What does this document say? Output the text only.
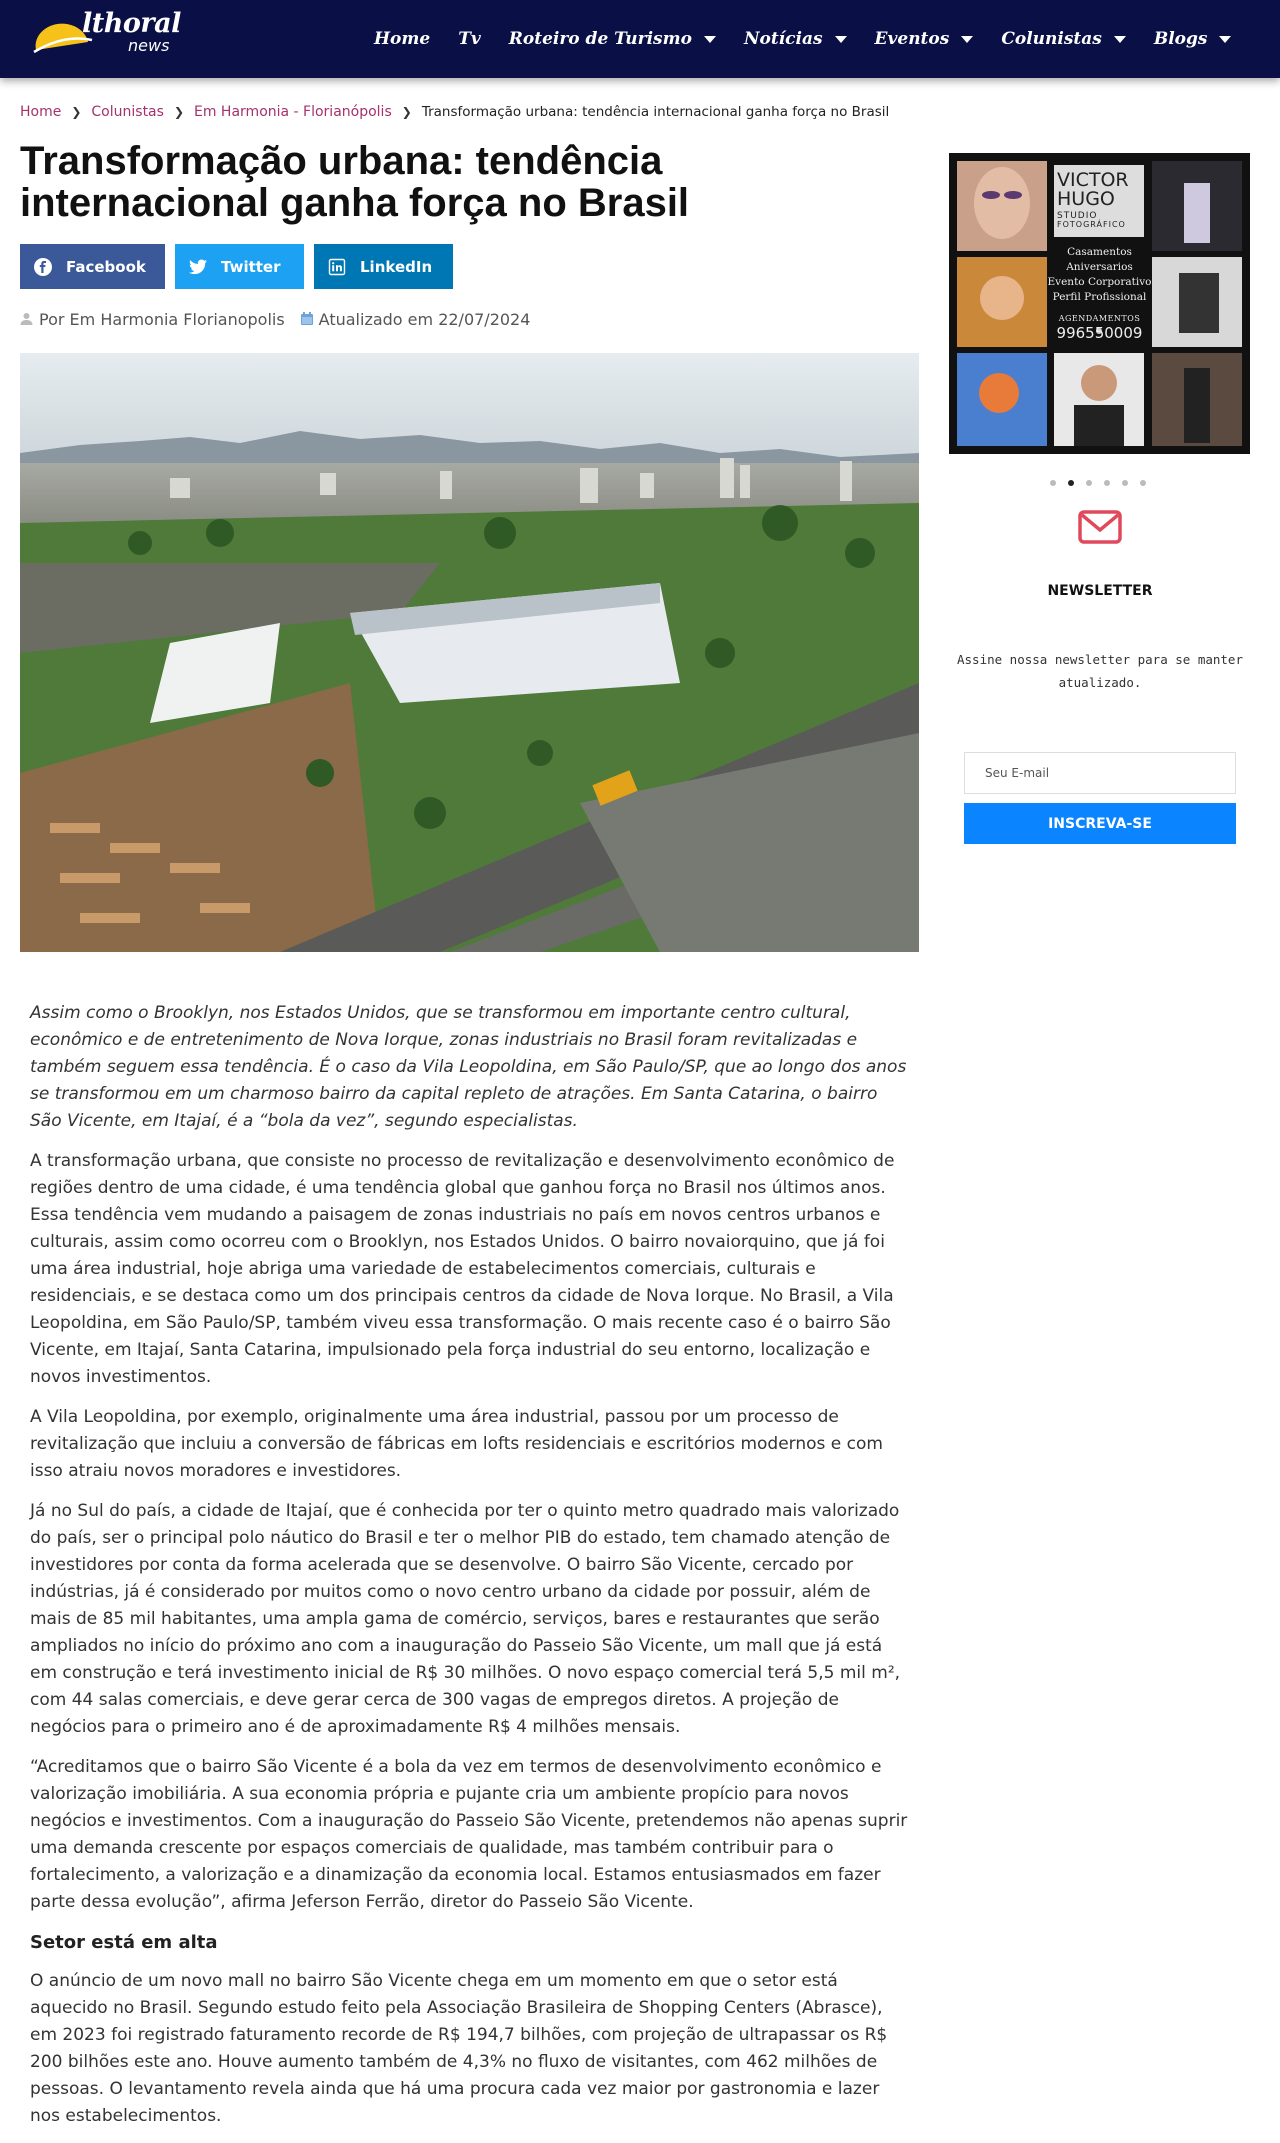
lthoral
news	Home Tv Roteiro de Turismo	Notícias	Eventos	Colunistas	Blogs
Home ❯ Colunistas ❯ Em Harmonia - Florianópolis ❯ Transformação urbana: tendência internacional ganha força no Brasil
Transformação urbana: tendência internacional ganha força no Brasil
Facebook	Twitter	LinkedIn
Por Em Harmonia Florianopolis Atualizado em 22/07/2024

Assim como o Brooklyn, nos Estados Unidos, que se transformou em importante centro cultural, econômico e de entretenimento de Nova Iorque, zonas industriais no Brasil foram revitalizadas e também seguem essa tendência. É o caso da Vila Leopoldina, em São Paulo/SP, que ao longo dos anos se transformou em um charmoso bairro da capital repleto de atrações. Em Santa Catarina, o bairro São Vicente, em Itajaí, é a “bola da vez”, segundo especialistas.

A transformação urbana, que consiste no processo de revitalização e desenvolvimento econômico de regiões dentro de uma cidade, é uma tendência global que ganhou força no Brasil nos últimos anos. Essa tendência vem mudando a paisagem de zonas industriais no país em novos centros urbanos e culturais, assim como ocorreu com o Brooklyn, nos Estados Unidos. O bairro novaiorquino, que já foi uma área industrial, hoje abriga uma variedade de estabelecimentos comerciais, culturais e residenciais, e se destaca como um dos principais centros da cidade de Nova Iorque. No Brasil, a Vila Leopoldina, em São Paulo/SP, também viveu essa transformação. O mais recente caso é o bairro São Vicente, em Itajaí, Santa Catarina, impulsionado pela força industrial do seu entorno, localização e novos investimentos.

A Vila Leopoldina, por exemplo, originalmente uma área industrial, passou por um processo de revitalização que incluiu a conversão de fábricas em lofts residenciais e escritórios modernos e com isso atraiu novos moradores e investidores.

Já no Sul do país, a cidade de Itajaí, que é conhecida por ter o quinto metro quadrado mais valorizado do país, ser o principal polo náutico do Brasil e ter o melhor PIB do estado, tem chamado atenção de investidores por conta da forma acelerada que se desenvolve. O bairro São Vicente, cercado por indústrias, já é considerado por muitos como o novo centro urbano da cidade por possuir, além de mais de 85 mil habitantes, uma ampla gama de comércio, serviços, bares e restaurantes que serão ampliados no início do próximo ano com a inauguração do Passeio São Vicente, um mall que já está em construção e terá investimento inicial de R$ 30 milhões. O novo espaço comercial terá 5,5 mil m², com 44 salas comerciais, e deve gerar cerca de 300 vagas de empregos diretos. A projeção de negócios para o primeiro ano é de aproximadamente R$ 4 milhões mensais.

“Acreditamos que o bairro São Vicente é a bola da vez em termos de desenvolvimento econômico e valorização imobiliária. A sua economia própria e pujante cria um ambiente propício para novos negócios e investimentos. Com a inauguração do Passeio São Vicente, pretendemos não apenas suprir uma demanda crescente por espaços comerciais de qualidade, mas também contribuir para o fortalecimento, a valorização e a dinamização da economia local. Estamos entusiasmados em fazer parte dessa evolução”, afirma Jeferson Ferrão, diretor do Passeio São Vicente.

Setor está em alta

O anúncio de um novo mall no bairro São Vicente chega em um momento em que o setor está aquecido no Brasil. Segundo estudo feito pela Associação Brasileira de Shopping Centers (Abrasce), em 2023 foi registrado faturamento recorde de R$ 194,7 bilhões, com projeção de ultrapassar os R$ 200 bilhões este ano. Houve aumento também de 4,3% no fluxo de visitantes, com 462 milhões de pessoas. O levantamento revela ainda que há uma procura cada vez maior por gastronomia e lazer nos estabelecimentos.

VICTOR
HUGO
STUDIO
FOTOGRÁFICO
Casamentos
Aniversarios
Evento Corporativo
Perfil Profissional
AGENDAMENTOS
996550009
NEWSLETTER
Assine nossa newsletter para se manter atualizado.
Seu E-mail
INSCREVA-SE
